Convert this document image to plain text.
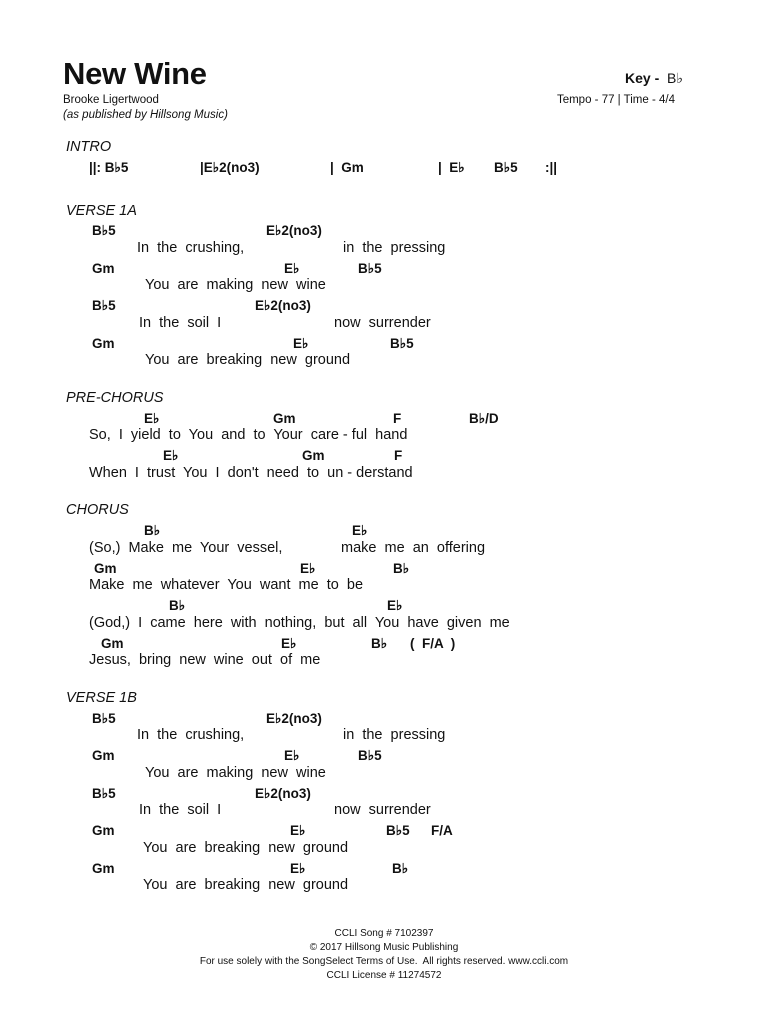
New Wine
Brooke Ligertwood
(as published by Hillsong Music)
Key - B♭
Tempo - 77 | Time - 4/4
INTRO
||: B♭5	|E♭2(no3)	|  Gm	|  E♭ B♭5 :||
VERSE 1A
B♭5	E♭2(no3)
In  the  crushing,	in  the  pressing
Gm	E♭	B♭5
You  are  making  new  wine
B♭5	E♭2(no3)
In  the  soil  I	now  surrender
Gm	E♭	B♭5
You  are  breaking  new  ground
PRE-CHORUS
E♭	Gm	F	B♭/D
So,  I  yield  to  You  and  to  Your  care - ful  hand
E♭	Gm	F
When  I  trust  You  I  don't  need  to  un - derstand
CHORUS
B♭	E♭
(So,)  Make  me  Your  vessel,	make  me  an  offering
Gm	E♭	B♭
Make  me  whatever  You  want  me  to  be
B♭	E♭
(God,)  I  came  here  with  nothing,  but  all  You  have  given  me
Gm	E♭	B♭ (  F/A  )
Jesus,  bring  new  wine  out  of  me
VERSE 1B
B♭5	E♭2(no3)
In  the  crushing,	in  the  pressing
Gm	E♭	B♭5
You  are  making  new  wine
B♭5	E♭2(no3)
In  the  soil  I	now  surrender
Gm	E♭	B♭5 F/A
You  are  breaking  new  ground
Gm	E♭	B♭
You  are  breaking  new  ground
CCLI Song # 7102397
© 2017 Hillsong Music Publishing
For use solely with the SongSelect Terms of Use.  All rights reserved. www.ccli.com
CCLI License # 11274572
